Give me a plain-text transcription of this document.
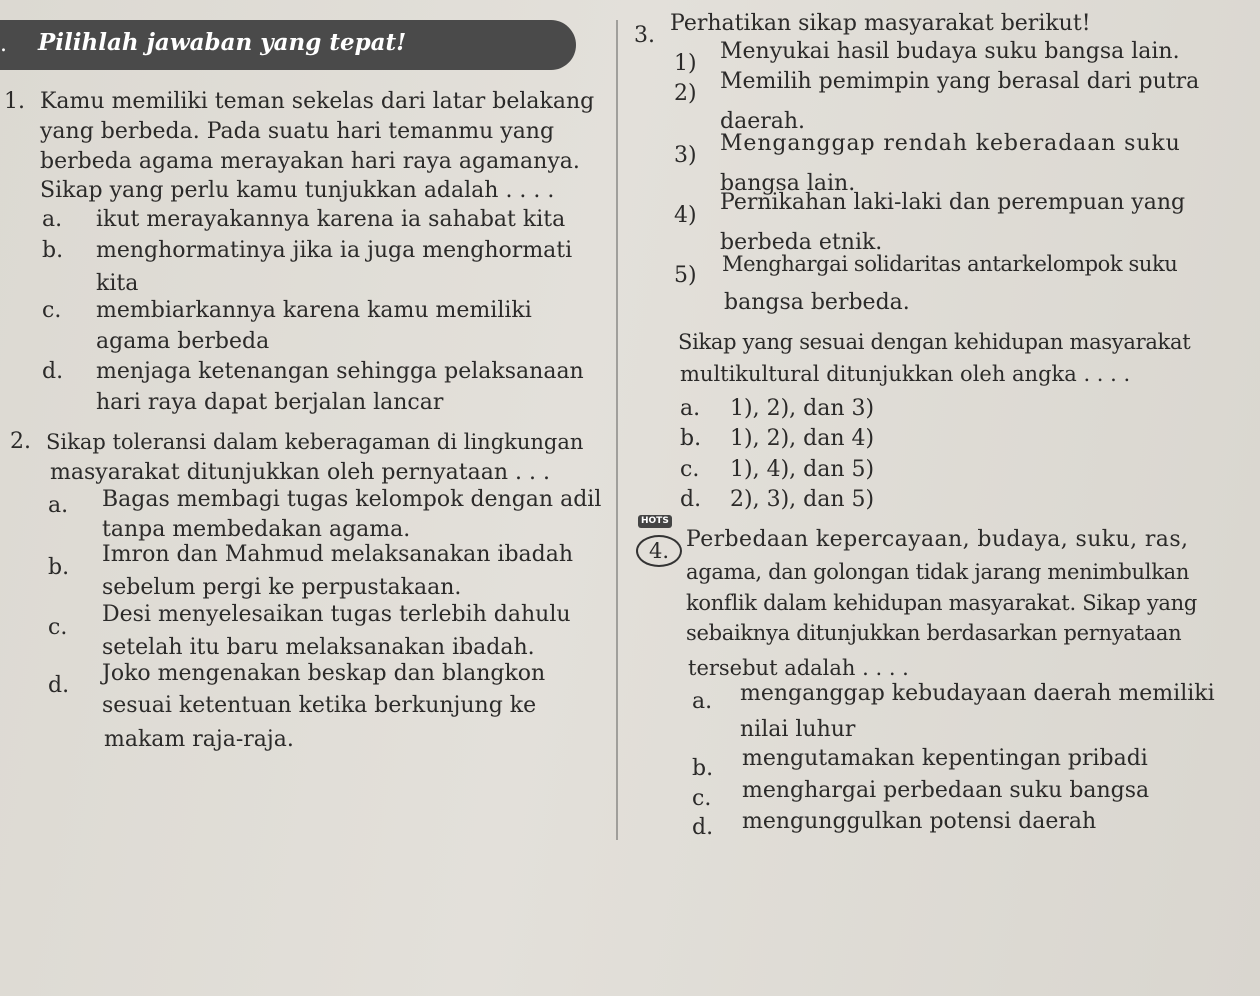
. Pilihlah jawaban yang tepat!
1. Kamu memiliki teman sekelas dari latar belakang
yang berbeda. Pada suatu hari temanmu yang
berbeda agama merayakan hari raya agamanya.
Sikap yang perlu kamu tunjukkan adalah . . . .
a. ikut merayakannya karena ia sahabat kita
b. menghormatinya jika ia juga menghormati
kita
c. membiarkannya karena kamu memiliki
agama berbeda
d. menjaga ketenangan sehingga pelaksanaan
hari raya dapat berjalan lancar
2. Sikap toleransi dalam keberagaman di lingkungan
masyarakat ditunjukkan oleh pernyataan . . .
a. Bagas membagi tugas kelompok dengan adil
tanpa membedakan agama.
b.
Imron dan Mahmud melaksanakan ibadah
sebelum pergi ke perpustakaan.
c.
Desi menyelesaikan tugas terlebih dahulu
setelah itu baru melaksanakan ibadah.
d. Joko mengenakan beskap dan blangkon
sesuai ketentuan ketika berkunjung ke
makam raja-raja.
3. Perhatikan sikap masyarakat berikut!
1) Menyukai hasil budaya suku bangsa lain.
2) Memilih pemimpin yang berasal dari putra
daerah.
3) Menganggap rendah keberadaan suku
bangsa lain.
4)
Pernikahan laki-laki dan perempuan yang
berbeda etnik.
5) Menghargai solidaritas antarkelompok suku
bangsa berbeda.
Sikap yang sesuai dengan kehidupan masyarakat
multikultural ditunjukkan oleh angka . . . .
a. 1), 2), dan 3)
b. 1), 2), dan 4)
c. 1), 4), dan 5)
d. 2), 3), dan 5)
HOTS
4. Perbedaan kepercayaan, budaya, suku, ras,
agama, dan golongan tidak jarang menimbulkan
konflik dalam kehidupan masyarakat. Sikap yang
sebaiknya ditunjukkan berdasarkan pernyataan
tersebut adalah . . . .
a. menganggap kebudayaan daerah memiliki
nilai luhur
b. mengutamakan kepentingan pribadi
c. menghargai perbedaan suku bangsa
d. mengunggulkan potensi daerah
